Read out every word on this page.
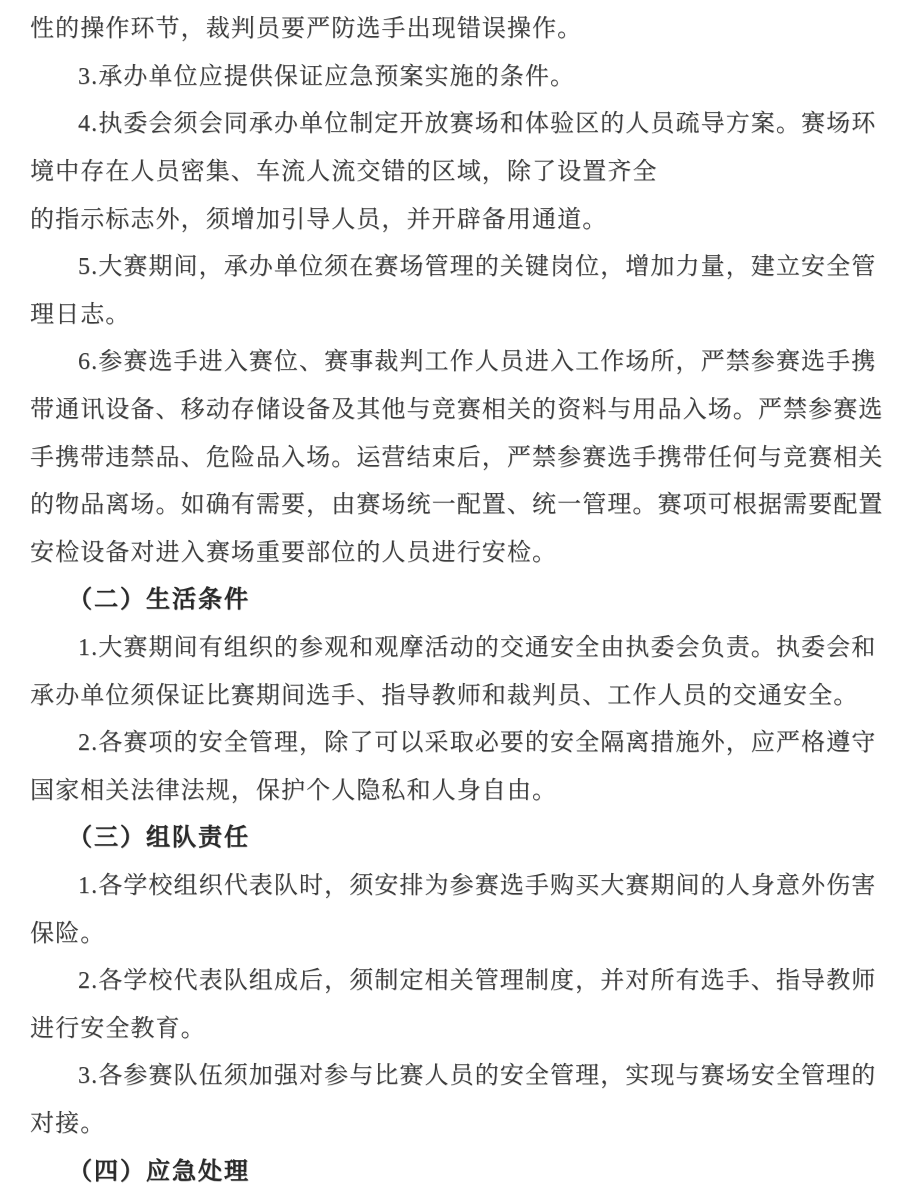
性的操作环节，裁判员要严防选手出现错误操作。
3.承办单位应提供保证应急预案实施的条件。
4.执委会须会同承办单位制定开放赛场和体验区的人员疏导方案。赛场环
境中存在人员密集、车流人流交错的区域，除了设置齐全
的指示标志外，须增加引导人员，并开辟备用通道。
5.大赛期间，承办单位须在赛场管理的关键岗位，增加力量，建立安全管
理日志。
6.参赛选手进入赛位、赛事裁判工作人员进入工作场所，严禁参赛选手携
带通讯设备、移动存储设备及其他与竞赛相关的资料与用品入场。严禁参赛选
手携带违禁品、危险品入场。运营结束后，严禁参赛选手携带任何与竞赛相关
的物品离场。如确有需要，由赛场统一配置、统一管理。赛项可根据需要配置
安检设备对进入赛场重要部位的人员进行安检。
（二）生活条件
1.大赛期间有组织的参观和观摩活动的交通安全由执委会负责。执委会和
承办单位须保证比赛期间选手、指导教师和裁判员、工作人员的交通安全。
2.各赛项的安全管理，除了可以采取必要的安全隔离措施外，应严格遵守
国家相关法律法规，保护个人隐私和人身自由。
（三）组队责任
1.各学校组织代表队时，须安排为参赛选手购买大赛期间的人身意外伤害
保险。
2.各学校代表队组成后，须制定相关管理制度，并对所有选手、指导教师
进行安全教育。
3.各参赛队伍须加强对参与比赛人员的安全管理，实现与赛场安全管理的
对接。
（四）应急处理
